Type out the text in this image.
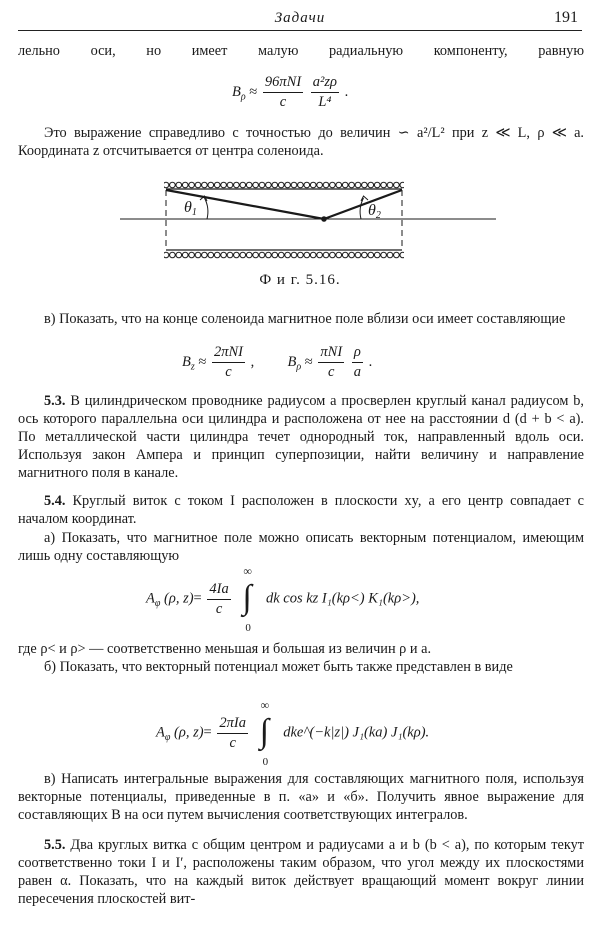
Задачи	191
лельно оси, но имеет малую радиальную компоненту, равную
$B_\rho \approx \frac{\text{96πNI}}{c}$
$\frac{\text{a²zρ}}{\text{L⁴}}$ .
Это выражение справедливо с точностью до величин ∽ a²/L² при z ≪ L, ρ ≪ a. Координата z отсчитывается от центра соленоида.
θ1	θ2
Ф и г. 5.16.
в) Показать, что на конце соленоида магнитное поле вблизи оси имеет составляющие
$B_z \approx \frac{\text{2πNI}}{c}$ , $B_\rho \approx \frac{\text{πNI}}{c}$
$\frac{\rho}{a}$ .
5.3. В цилиндрическом проводнике радиусом a просверлен круглый канал радиусом b, ось которого параллельна оси цилиндра и расположена от нее на расстоянии d (d + b < a). По металлической части цилиндра течет однородный ток, направленный вдоль оси. Используя закон Ампера и принцип суперпозиции, найти величину и направление магнитного поля в канале.
5.4. Круглый виток с током I расположен в плоскости xy, а его центр совпадает с началом координат.
а) Показать, что магнитное поле можно описать векторным потенциалом, имеющим лишь одну составляющую
$A_\varphi$ (ρ, $z)= \frac{4Ia}{c}$

∞
∫
0
dk cos kz I₁(kρ<) K₁(kρ>),
где ρ< и ρ> — соответственно меньшая и большая из величин ρ и a.
б) Показать, что векторный потенциал может быть также представлен в виде
$A_\varphi$ (ρ, $z)= \frac{\text{2πIa}}{c}$

∞
∫
0
dke^(−k|z|) J₁(ka) J₁(kρ).
в) Написать интегральные выражения для составляющих магнитного поля, используя векторные потенциалы, приведенные в п. «а» и «б». Получить явное выражение для составляющих B на оси путем вычисления соответствующих интегралов.
5.5. Два круглых витка с общим центром и радиусами a и b (b < a), по которым текут соответственно токи I и I′, расположены таким образом, что угол между их плоскостями равен α. Показать, что на каждый виток действует вращающий момент вокруг линии пересечения плоскостей вит-
